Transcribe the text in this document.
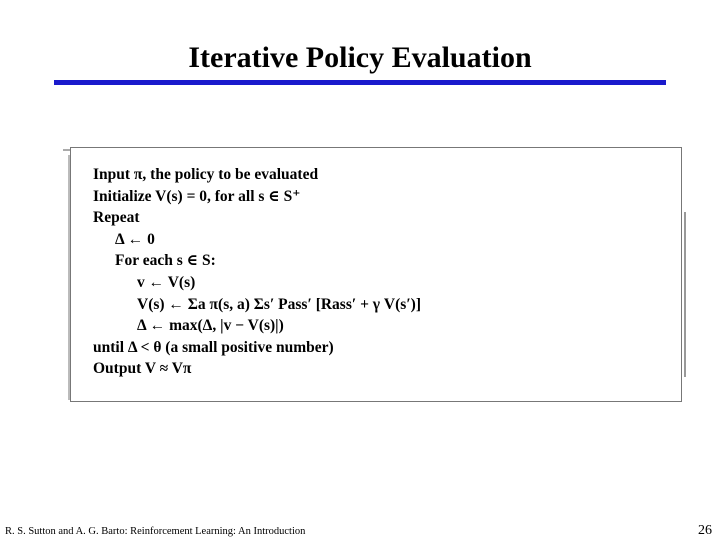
Iterative Policy Evaluation
Input π, the policy to be evaluated
Initialize V(s) = 0, for all s ∈ S⁺
Repeat
Δ ← 0
For each s ∈ S:
v ← V(s)
V(s) ← Σa π(s, a) Σs′ Pass′ [Rass′ + γ V(s′)]
Δ ← max(Δ, |v − V(s)|)
until Δ < θ (a small positive number)
Output V ≈ Vπ
R. S. Sutton and A. G. Barto: Reinforcement Learning: An Introduction	26
